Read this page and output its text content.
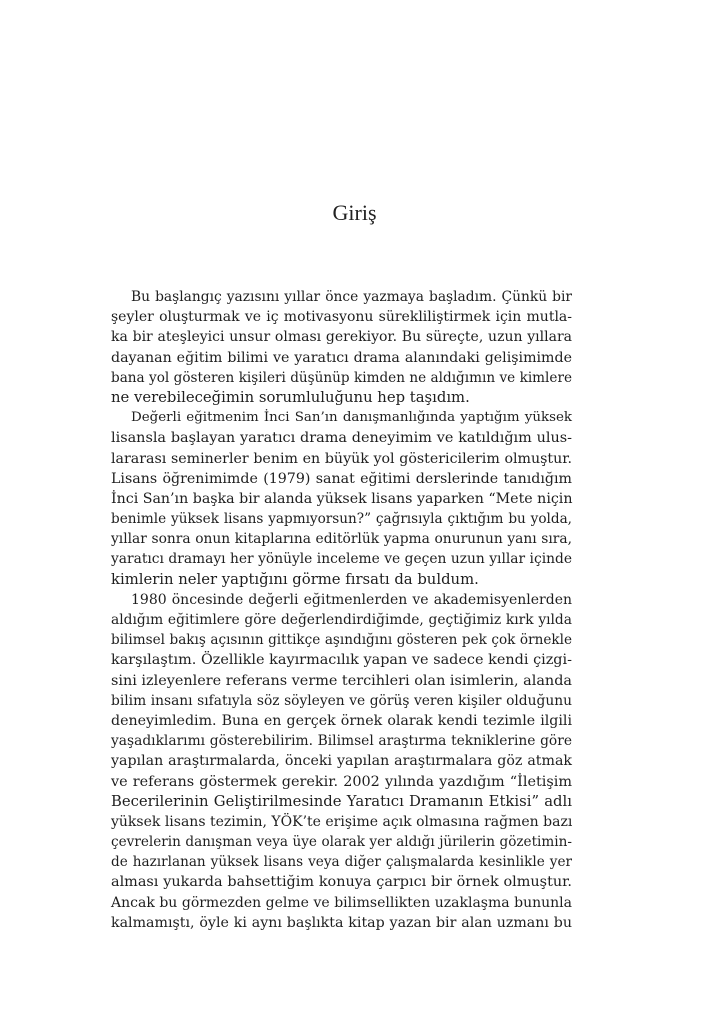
Giriş
Bu başlangıç yazısını yıllar önce yazmaya başladım. Çünkü bir
şeyler oluşturmak ve iç motivasyonu sürekliliştirmek için mutla-
ka bir ateşleyici unsur olması gerekiyor. Bu süreçte, uzun yıllara
dayanan eğitim bilimi ve yaratıcı drama alanındaki gelişimimde
bana yol gösteren kişileri düşünüp kimden ne aldığımın ve kimlere
ne verebileceğimin sorumluluğunu hep taşıdım.
Değerli eğitmenim İnci San’ın danışmanlığında yaptığım yüksek
lisansla başlayan yaratıcı drama deneyimim ve katıldığım ulus-
lararası seminerler benim en büyük yol göstericilerim olmuştur.
Lisans öğrenimimde (1979) sanat eğitimi derslerinde tanıdığım
İnci San’ın başka bir alanda yüksek lisans yaparken “Mete niçin
benimle yüksek lisans yapmıyorsun?” çağrısıyla çıktığım bu yolda,
yıllar sonra onun kitaplarına editörlük yapma onurunun yanı sıra,
yaratıcı dramayı her yönüyle inceleme ve geçen uzun yıllar içinde
kimlerin neler yaptığını görme fırsatı da buldum.
1980 öncesinde değerli eğitmenlerden ve akademisyenlerden
aldığım eğitimlere göre değerlendirdiğimde, geçtiğimiz kırk yılda
bilimsel bakış açısının gittikçe aşındığını gösteren pek çok örnekle
karşılaştım. Özellikle kayırmacılık yapan ve sadece kendi çizgi-
sini izleyenlere referans verme tercihleri olan isimlerin, alanda
bilim insanı sıfatıyla söz söyleyen ve görüş veren kişiler olduğunu
deneyimledim. Buna en gerçek örnek olarak kendi tezimle ilgili
yaşadıklarımı gösterebilirim. Bilimsel araştırma tekniklerine göre
yapılan araştırmalarda, önceki yapılan araştırmalara göz atmak
ve referans göstermek gerekir. 2002 yılında yazdığım “İletişim
Becerilerinin Geliştirilmesinde Yaratıcı Dramanın Etkisi” adlı
yüksek lisans tezimin, YÖK’te erişime açık olmasına rağmen bazı
çevrelerin danışman veya üye olarak yer aldığı jürilerin gözetimin-
de hazırlanan yüksek lisans veya diğer çalışmalarda kesinlikle yer
alması yukarda bahsettiğim konuya çarpıcı bir örnek olmuştur.
Ancak bu görmezden gelme ve bilimsellikten uzaklaşma bununla
kalmamıştı, öyle ki aynı başlıkta kitap yazan bir alan uzmanı bu
